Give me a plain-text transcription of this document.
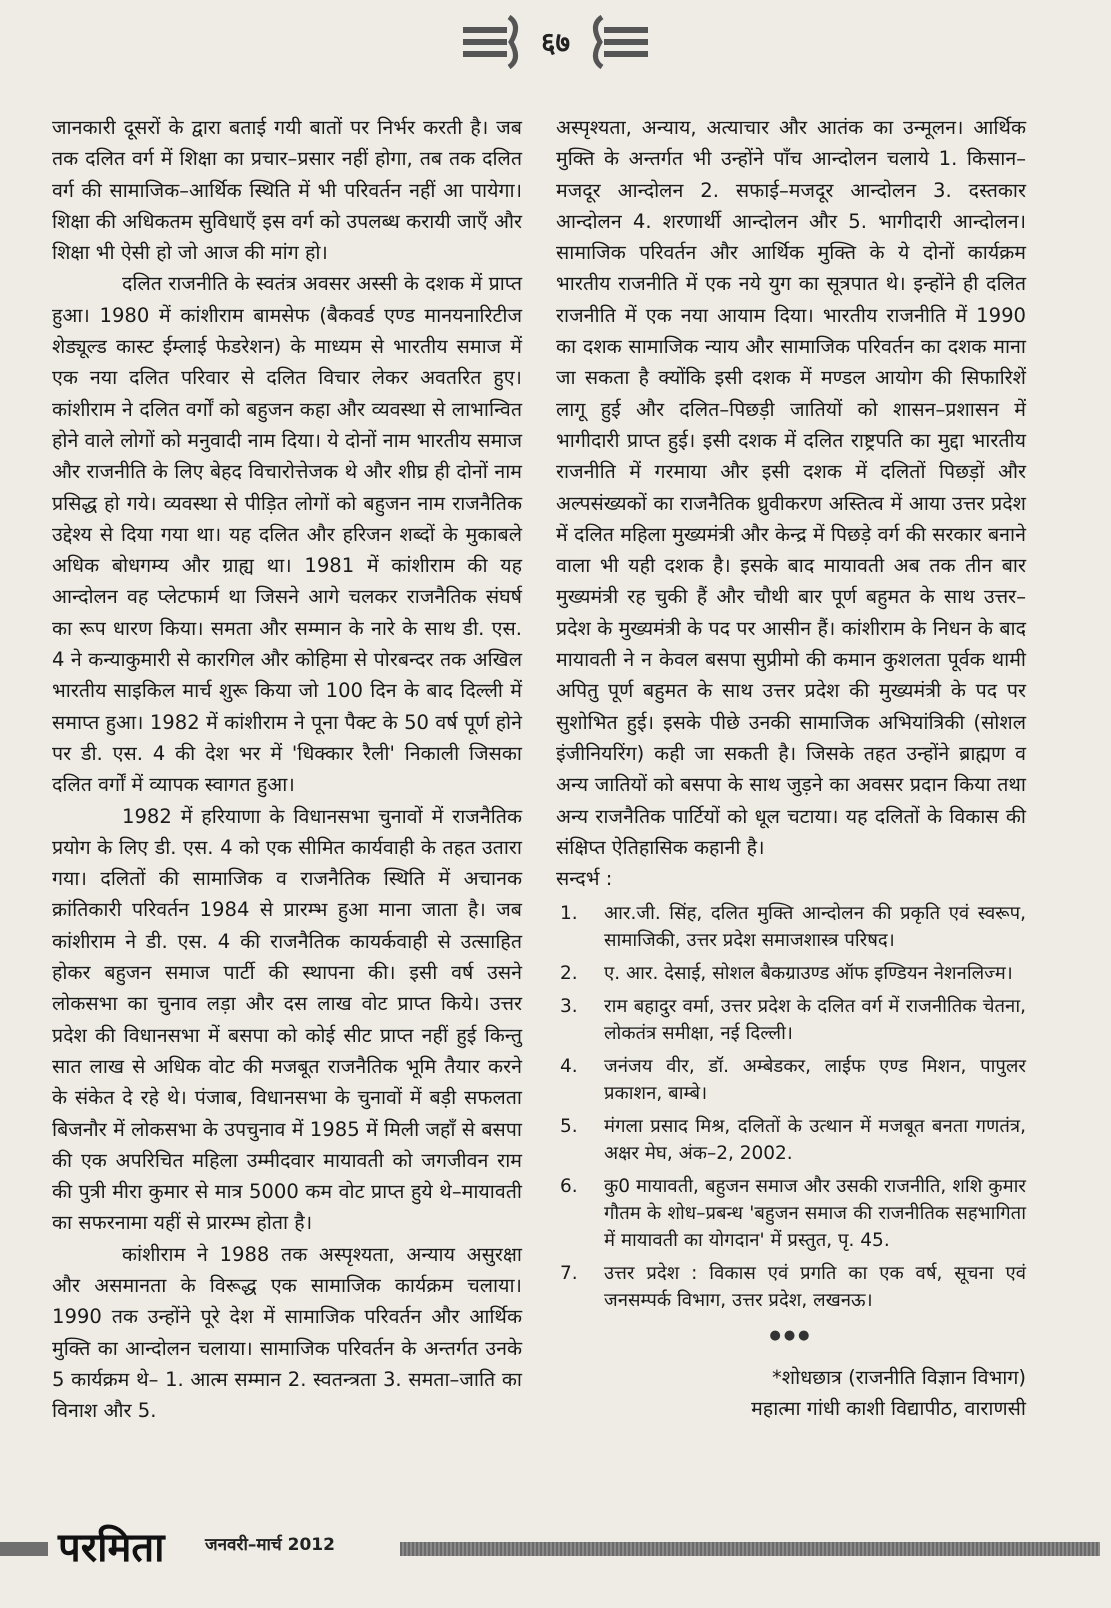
६७

जानकारी दूसरों के द्वारा बताई गयी बातों पर निर्भर करती है। जब तक दलित वर्ग में शिक्षा का प्रचार–प्रसार नहीं होगा, तब तक दलित वर्ग की सामाजिक–आर्थिक स्थिति में भी परिवर्तन नहीं आ पायेगा। शिक्षा की अधिकतम सुविधाएँ इस वर्ग को उपलब्ध करायी जाएँ और शिक्षा भी ऐसी हो जो आज की मांग हो।

दलित राजनीति के स्वतंत्र अवसर अस्सी के दशक में प्राप्त हुआ। 1980 में कांशीराम बामसेफ (बैकवर्ड एण्ड मानयनारिटीज शेड्यूल्ड कास्ट ईम्लाई फेडरेशन) के माध्यम से भारतीय समाज में एक नया दलित परिवार से दलित विचार लेकर अवतरित हुए। कांशीराम ने दलित वर्गों को बहुजन कहा और व्यवस्था से लाभान्वित होने वाले लोगों को मनुवादी नाम दिया। ये दोनों नाम भारतीय समाज और राजनीति के लिए बेहद विचारोत्तेजक थे और शीघ्र ही दोनों नाम प्रसिद्ध हो गये। व्यवस्था से पीड़ित लोगों को बहुजन नाम राजनैतिक उद्देश्य से दिया गया था। यह दलित और हरिजन शब्दों के मुकाबले अधिक बोधगम्य और ग्राह्य था। 1981 में कांशीराम की यह आन्दोलन वह प्लेटफार्म था जिसने आगे चलकर राजनैतिक संघर्ष का रूप धारण किया। समता और सम्मान के नारे के साथ डी. एस. 4 ने कन्याकुमारी से कारगिल और कोहिमा से पोरबन्दर तक अखिल भारतीय साइकिल मार्च शुरू किया जो 100 दिन के बाद दिल्ली में समाप्त हुआ। 1982 में कांशीराम ने पूना पैक्ट के 50 वर्ष पूर्ण होने पर डी. एस. 4 की देश भर में 'धिक्कार रैली' निकाली जिसका दलित वर्गों में व्यापक स्वागत हुआ।

1982 में हरियाणा के विधानसभा चुनावों में राजनैतिक प्रयोग के लिए डी. एस. 4 को एक सीमित कार्यवाही के तहत उतारा गया। दलितों की सामाजिक व राजनैतिक स्थिति में अचानक क्रांतिकारी परिवर्तन 1984 से प्रारम्भ हुआ माना जाता है। जब कांशीराम ने डी. एस. 4 की राजनैतिक कायर्कवाही से उत्साहित होकर बहुजन समाज पार्टी की स्थापना की। इसी वर्ष उसने लोकसभा का चुनाव लड़ा और दस लाख वोट प्राप्त किये। उत्तर प्रदेश की विधानसभा में बसपा को कोई सीट प्राप्त नहीं हुई किन्तु सात लाख से अधिक वोट की मजबूत राजनैतिक भूमि तैयार करने के संकेत दे रहे थे। पंजाब, विधानसभा के चुनावों में बड़ी सफलता बिजनौर में लोकसभा के उपचुनाव में 1985 में मिली जहाँ से बसपा की एक अपरिचित महिला उम्मीदवार मायावती को जगजीवन राम की पुत्री मीरा कुमार से मात्र 5000 कम वोट प्राप्त हुये थे–मायावती का सफरनामा यहीं से प्रारम्भ होता है।

कांशीराम ने 1988 तक अस्पृश्यता, अन्याय असुरक्षा और असमानता के विरूद्ध एक सामाजिक कार्यक्रम चलाया। 1990 तक उन्होंने पूरे देश में सामाजिक परिवर्तन और आर्थिक मुक्ति का आन्दोलन चलाया। सामाजिक परिवर्तन के अन्तर्गत उनके 5 कार्यक्रम थे– 1. आत्म सम्मान 2. स्वतन्त्रता 3. समता–जाति का विनाश और 5.

अस्पृश्यता, अन्याय, अत्याचार और आतंक का उन्मूलन। आर्थिक मुक्ति के अन्तर्गत भी उन्होंने पाँच आन्दोलन चलाये 1. किसान– मजदूर आन्दोलन 2. सफाई–मजदूर आन्दोलन 3. दस्तकार आन्दोलन 4. शरणार्थी आन्दोलन और 5. भागीदारी आन्दोलन। सामाजिक परिवर्तन और आर्थिक मुक्ति के ये दोनों कार्यक्रम भारतीय राजनीति में एक नये युग का सूत्रपात थे। इन्होंने ही दलित राजनीति में एक नया आयाम दिया। भारतीय राजनीति में 1990 का दशक सामाजिक न्याय और सामाजिक परिवर्तन का दशक माना जा सकता है क्योंकि इसी दशक में मण्डल आयोग की सिफारिशें लागू हुई और दलित–पिछड़ी जातियों को शासन–प्रशासन में भागीदारी प्राप्त हुई। इसी दशक में दलित राष्ट्रपति का मुद्दा भारतीय राजनीति में गरमाया और इसी दशक में दलितों पिछड़ों और अल्पसंख्यकों का राजनैतिक ध्रुवीकरण अस्तित्व में आया उत्तर प्रदेश में दलित महिला मुख्यमंत्री और केन्द्र में पिछड़े वर्ग की सरकार बनाने वाला भी यही दशक है। इसके बाद मायावती अब तक तीन बार मुख्यमंत्री रह चुकी हैं और चौथी बार पूर्ण बहुमत के साथ उत्तर–प्रदेश के मुख्यमंत्री के पद पर आसीन हैं। कांशीराम के निधन के बाद मायावती ने न केवल बसपा सुप्रीमो की कमान कुशलता पूर्वक थामी अपितु पूर्ण बहुमत के साथ उत्तर प्रदेश की मुख्यमंत्री के पद पर सुशोभित हुई। इसके पीछे उनकी सामाजिक अभियांत्रिकी (सोशल इंजीनियरिंग) कही जा सकती है। जिसके तहत उन्होंने ब्राह्मण व अन्य जातियों को बसपा के साथ जुड़ने का अवसर प्रदान किया तथा अन्य राजनैतिक पार्टियों को धूल चटाया। यह दलितों के विकास की संक्षिप्त ऐतिहासिक कहानी है।

सन्दर्भ :

1.	आर.जी. सिंह, दलित मुक्ति आन्दोलन की प्रकृति एवं स्वरूप, सामाजिकी, उत्तर प्रदेश समाजशास्त्र परिषद।
2.	ए. आर. देसाई, सोशल बैकग्राउण्ड ऑफ इण्डियन नेशनलिज्म।
3.	राम बहादुर वर्मा, उत्तर प्रदेश के दलित वर्ग में राजनीतिक चेतना, लोकतंत्र समीक्षा, नई दिल्ली।
4.	जनंजय वीर, डॉ. अम्बेडकर, लाईफ एण्ड मिशन, पापुलर प्रकाशन, बाम्बे।
5.	मंगला प्रसाद मिश्र, दलितों के उत्थान में मजबूत बनता गणतंत्र, अक्षर मेघ, अंक–2, 2002.
6.	कु0 मायावती, बहुजन समाज और उसकी राजनीति, शशि कुमार गौतम के शोध–प्रबन्ध 'बहुजन समाज की राजनीतिक सहभागिता में मायावती का योगदान' में प्रस्तुत, पृ. 45.
7.	उत्तर प्रदेश : विकास एवं प्रगति का एक वर्ष, सूचना एवं जनसम्पर्क विभाग, उत्तर प्रदेश, लखनऊ।
●●●
*शोधछात्र (राजनीति विज्ञान विभाग)
महात्मा गांधी काशी विद्यापीठ, वाराणसी
परमिता जनवरी–मार्च 2012
